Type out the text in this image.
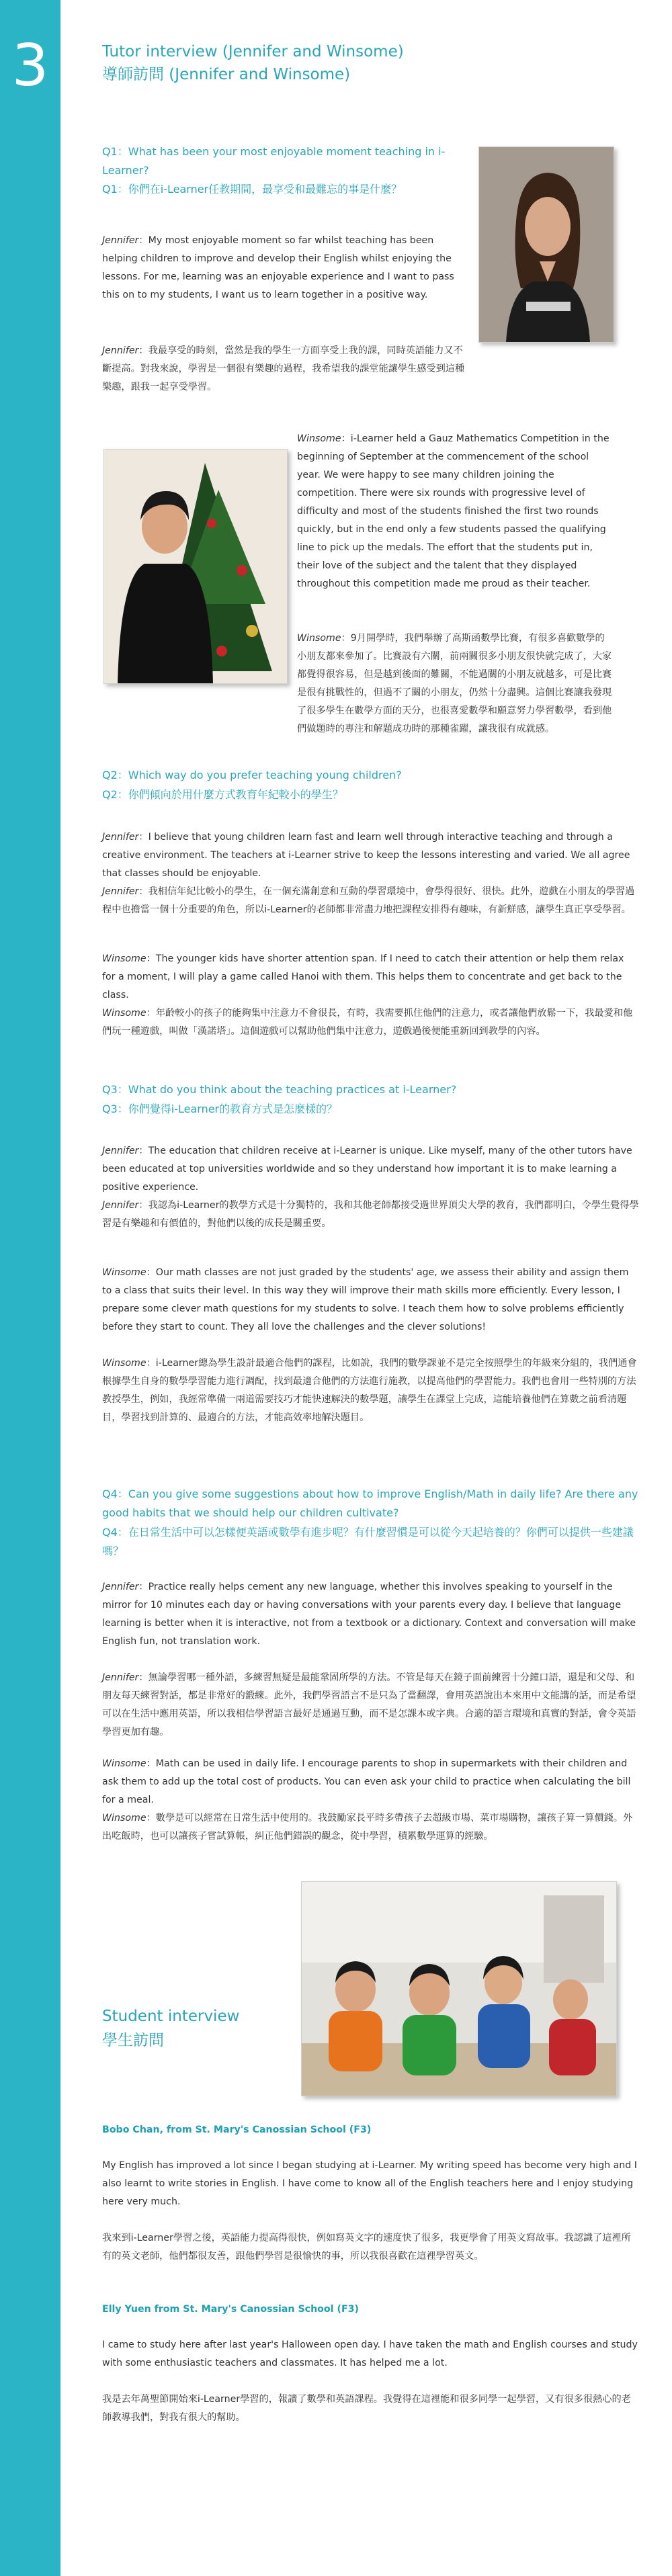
3	Tutor interview (Jennifer and Winsome)
導師訪問 (Jennifer and Winsome)
Q1：What has been your most enjoyable moment teaching in i-Learner?
Q1：你們在i-Learner任教期間，最享受和最難忘的事是什麼？
Jennifer：My most enjoyable moment so far whilst teaching has been helping children to improve and develop their English whilst enjoying the lessons. For me, learning was an enjoyable experience and I want to pass this on to my students, I want us to learn together in a positive way.
Jennifer：我最享受的時刻，當然是我的學生一方面享受上我的課，同時英語能力又不斷提高。對我來說，學習是一個很有樂趣的過程，我希望我的課堂能讓學生感受到這種樂趣，跟我一起享受學習。
Winsome：i-Learner held a Gauz Mathematics Competition in the beginning of September at the commencement of the school year. We were happy to see many children joining the competition. There were six rounds with progressive level of difficulty and most of the students finished the first two rounds quickly, but in the end only a few students passed the qualifying line to pick up the medals. The effort that the students put in, their love of the subject and the talent that they displayed throughout this competition made me proud as their teacher.
Winsome：9月開學時，我們舉辦了高斯函數學比賽，有很多喜歡數學的小朋友都來參加了。比賽設有六關，前兩關很多小朋友很快就完成了，大家都覺得很容易，但是越到後面的難關，不能過關的小朋友就越多，可是比賽是很有挑戰性的，但過不了關的小朋友，仍然十分盡興。這個比賽讓我發現了很多學生在數學方面的天分，也很喜愛數學和願意努力學習數學，看到他們做題時的專注和解題成功時的那種雀躍，讓我很有成就感。
Q2：Which way do you prefer teaching young children?
Q2：你們傾向於用什麼方式教育年紀較小的學生？
Jennifer：I believe that young children learn fast and learn well through interactive teaching and through a creative environment. The teachers at i-Learner strive to keep the lessons interesting and varied. We all agree that classes should be enjoyable.
Jennifer：我相信年紀比較小的學生，在一個充滿創意和互動的學習環境中，會學得很好、很快。此外，遊戲在小朋友的學習過程中也擔當一個十分重要的角色，所以i-Learner的老師都非常盡力地把課程安排得有趣味，有新鮮感，讓學生真正享受學習。
Winsome：The younger kids have shorter attention span. If I need to catch their attention or help them relax for a moment, I will play a game called Hanoi with them. This helps them to concentrate and get back to the class.
Winsome：年齡較小的孩子的能夠集中注意力不會很長，有時，我需要抓住他們的注意力，或者讓他們放鬆一下，我最愛和他們玩一種遊戲，叫做「漢諾塔」。這個遊戲可以幫助他們集中注意力，遊戲過後便能重新回到教學的內容。
Q3：What do you think about the teaching practices at i-Learner?
Q3：你們覺得i-Learner的教育方式是怎麼樣的？
Jennifer：The education that children receive at i-Learner is unique. Like myself, many of the other tutors have been educated at top universities worldwide and so they understand how important it is to make learning a positive experience.
Jennifer：我認為i-Learner的教學方式是十分獨特的，我和其他老師都接受過世界頂尖大學的教育，我們都明白，令學生覺得學習是有樂趣和有價值的，對他們以後的成長是關重要。
Winsome：Our math classes are not just graded by the students' age, we assess their ability and assign them to a class that suits their level. In this way they will improve their math skills more efficiently. Every lesson, I prepare some clever math questions for my students to solve. I teach them how to solve problems efficiently before they start to count. They all love the challenges and the clever solutions!
Winsome：i-Learner總為學生設計最適合他們的課程，比如說，我們的數學課並不是完全按照學生的年級來分組的，我們通會根據學生自身的數學學習能力進行調配，找到最適合他們的方法進行施教，以提高他們的學習能力。我們也會用一些特別的方法教授學生，例如，我經常準備一兩道需要技巧才能快速解決的數學題，讓學生在課堂上完成，這能培養他們在算數之前看清題目，學習找到計算的、最適合的方法，才能高效率地解決題目。
Q4：Can you give some suggestions about how to improve English/Math in daily life? Are there any good habits that we should help our children cultivate?
Q4：在日常生活中可以怎樣便英語或數學有進步呢？有什麼習慣是可以從今天起培養的？你們可以提供一些建議嗎？
Jennifer：Practice really helps cement any new language, whether this involves speaking to yourself in the mirror for 10 minutes each day or having conversations with your parents every day. I believe that language learning is better when it is interactive, not from a textbook or a dictionary. Context and conversation will make English fun, not translation work.
Jennifer：無論學習哪一種外語，多練習無疑是最能鞏固所學的方法。不管是每天在鏡子面前練習十分鐘口語，還是和父母、和朋友每天練習對話，都是非常好的鍛練。此外，我們學習語言不是只為了當翻譯，會用英語說出本來用中文能講的話，而是希望可以在生活中應用英語，所以我相信學習語言最好是通過互動，而不是怎課本或字典。合適的語言環境和真實的對話，會令英語學習更加有趣。
Winsome：Math can be used in daily life. I encourage parents to shop in supermarkets with their children and ask them to add up the total cost of products. You can even ask your child to practice when calculating the bill for a meal.
Winsome：數學是可以經常在日常生活中使用的。我鼓勵家長平時多帶孩子去超級市場、菜市場購物，讓孩子算一算價錢。外出吃飯時，也可以讓孩子嘗試算帳，糾正他們錯誤的觀念，從中學習，積累數學運算的經驗。
Student interview
學生訪問
Bobo Chan, from St. Mary's Canossian School (F3)
My English has improved a lot since I began studying at i-Learner. My writing speed has become very high and I also learnt to write stories in English. I have come to know all of the English teachers here and I enjoy studying here very much.
我來到i-Learner學習之後，英語能力提高得很快，例如寫英文字的速度快了很多，我更學會了用英文寫故事。我認識了這裡所有的英文老師，他們都很友善，跟他們學習是很愉快的事，所以我很喜歡在這裡學習英文。
Elly Yuen from St. Mary's Canossian School (F3)
I came to study here after last year's Halloween open day. I have taken the math and English courses and study with some enthusiastic teachers and classmates. It has helped me a lot.
我是去年萬聖節開始來i-Learner學習的，報讀了數學和英語課程。我覺得在這裡能和很多同學一起學習，又有很多很熱心的老師教導我們，對我有很大的幫助。
